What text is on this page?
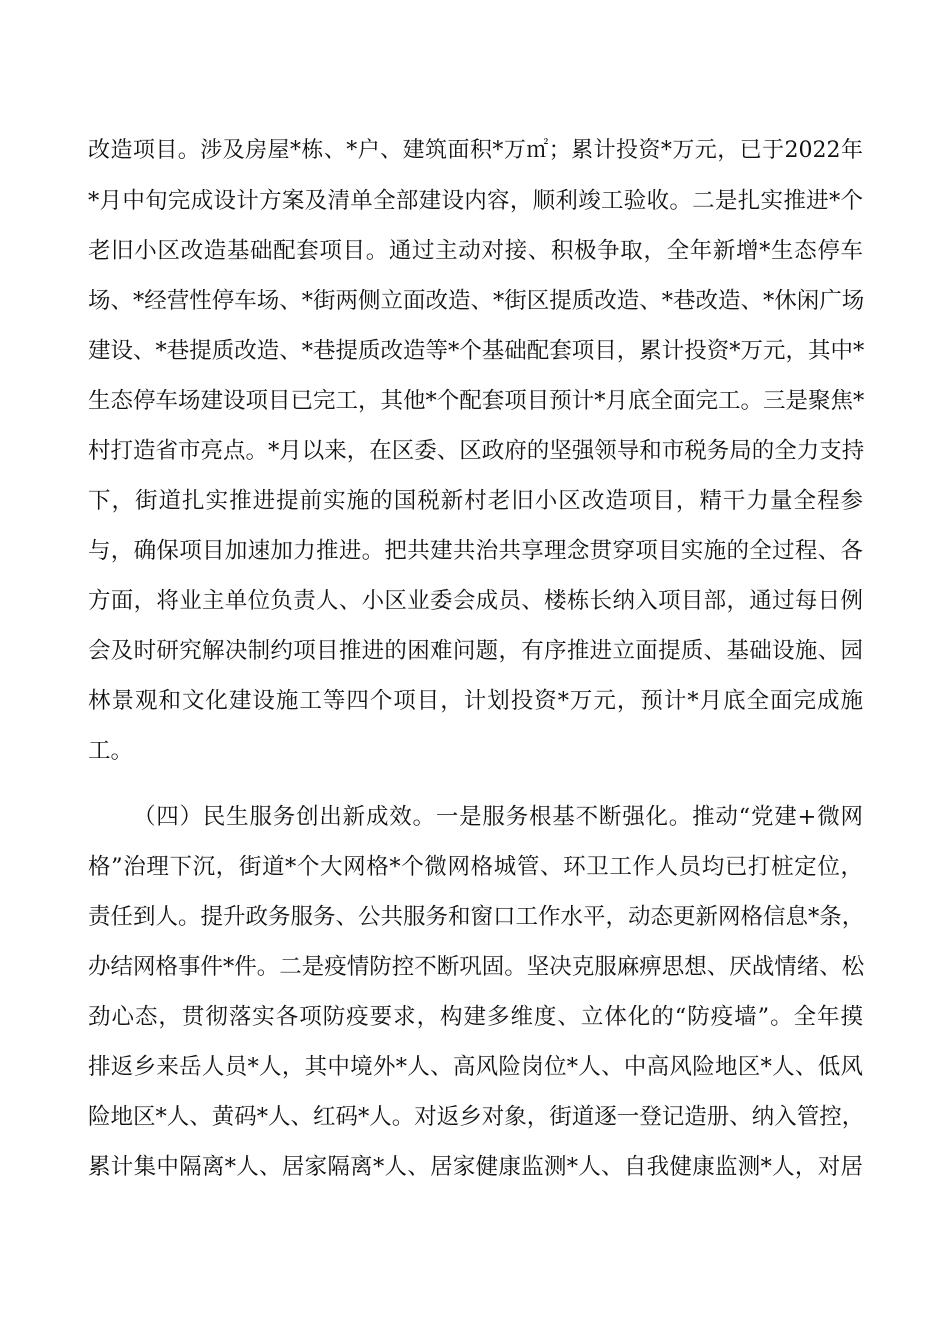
改造项目。涉及房屋*栋、*户、建筑面积*万㎡；累计投资*万元，已于2022年
*月中旬完成设计方案及清单全部建设内容，顺利竣工验收。二是扎实推进*个
老旧小区改造基础配套项目。通过主动对接、积极争取，全年新增*生态停车
场、*经营性停车场、*街两侧立面改造、*街区提质改造、*巷改造、*休闲广场
建设、*巷提质改造、*巷提质改造等*个基础配套项目，累计投资*万元，其中*
生态停车场建设项目已完工，其他*个配套项目预计*月底全面完工。三是聚焦*
村打造省市亮点。*月以来，在区委、区政府的坚强领导和市税务局的全力支持
下，街道扎实推进提前实施的国税新村老旧小区改造项目，精干力量全程参
与，确保项目加速加力推进。把共建共治共享理念贯穿项目实施的全过程、各
方面，将业主单位负责人、小区业委会成员、楼栋长纳入项目部，通过每日例
会及时研究解决制约项目推进的困难问题，有序推进立面提质、基础设施、园
林景观和文化建设施工等四个项目，计划投资*万元，预计*月底全面完成施
工。
（四）民生服务创出新成效。一是服务根基不断强化。推动“党建+微网
格”治理下沉，街道*个大网格*个微网格城管、环卫工作人员均已打桩定位，
责任到人。提升政务服务、公共服务和窗口工作水平，动态更新网格信息*条，
办结网格事件*件。二是疫情防控不断巩固。坚决克服麻痹思想、厌战情绪、松
劲心态，贯彻落实各项防疫要求，构建多维度、立体化的“防疫墙”。全年摸
排返乡来岳人员*人，其中境外*人、高风险岗位*人、中高风险地区*人、低风
险地区*人、黄码*人、红码*人。对返乡对象，街道逐一登记造册、纳入管控，
累计集中隔离*人、居家隔离*人、居家健康监测*人、自我健康监测*人，对居
